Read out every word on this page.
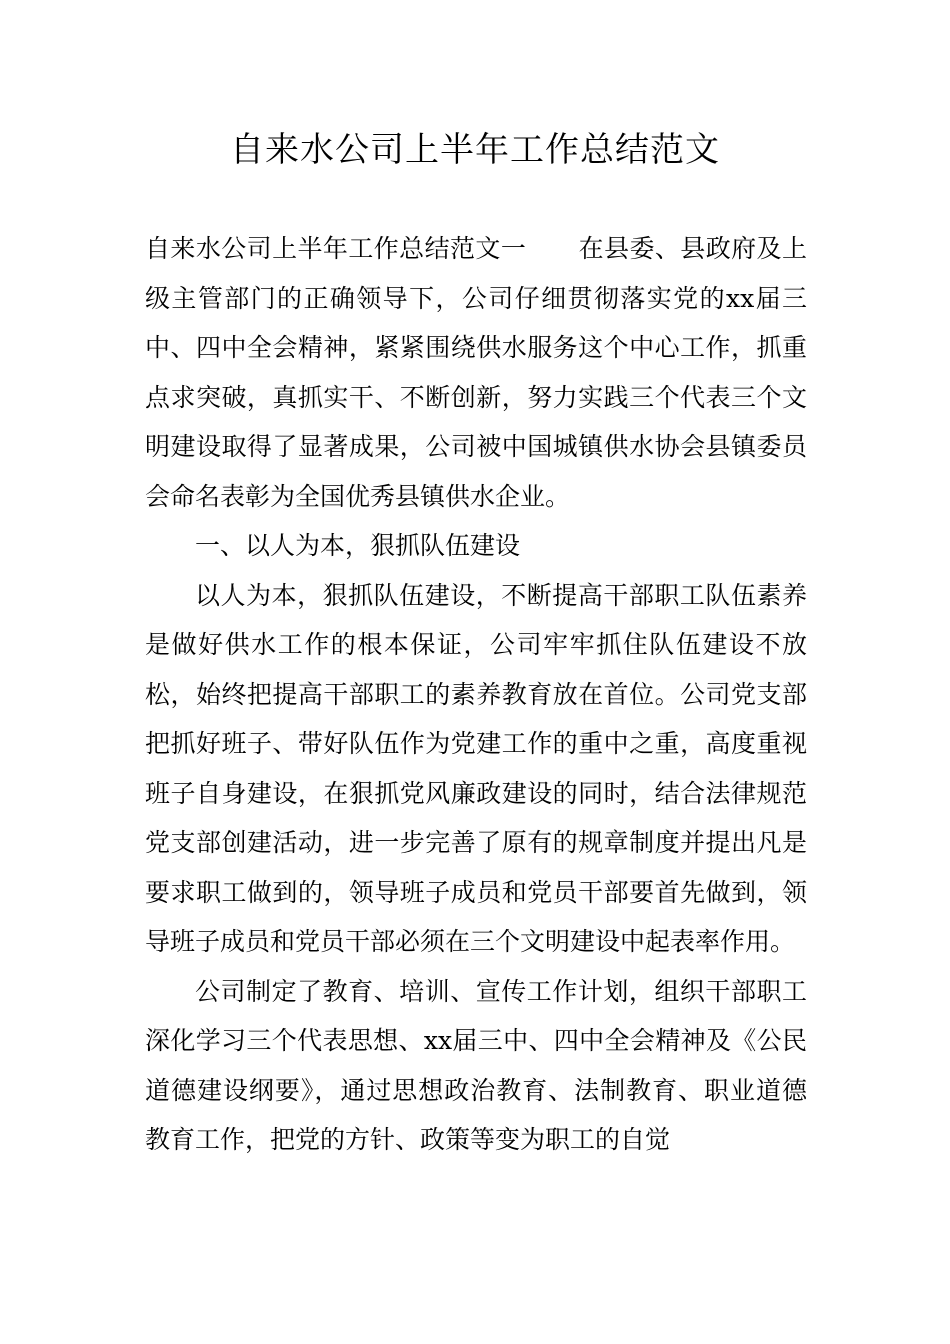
自来水公司上半年工作总结范文

自来水公司上半年工作总结范文一 在县委、县政府及上级主管部门的正确领导下，公司仔细贯彻落实党的xx届三中、四中全会精神，紧紧围绕供水服务这个中心工作，抓重点求突破，真抓实干、不断创新，努力实践三个代表三个文明建设取得了显著成果，公司被中国城镇供水协会县镇委员会命名表彰为全国优秀县镇供水企业。

一、以人为本，狠抓队伍建设

以人为本，狠抓队伍建设，不断提高干部职工队伍素养是做好供水工作的根本保证，公司牢牢抓住队伍建设不放松，始终把提高干部职工的素养教育放在首位。公司党支部把抓好班子、带好队伍作为党建工作的重中之重，高度重视班子自身建设，在狠抓党风廉政建设的同时，结合法律规范党支部创建活动，进一步完善了原有的规章制度并提出凡是要求职工做到的，领导班子成员和党员干部要首先做到，领导班子成员和党员干部必须在三个文明建设中起表率作用。

公司制定了教育、培训、宣传工作计划，组织干部职工深化学习三个代表思想、xx届三中、四中全会精神及《公民道德建设纲要》，通过思想政治教育、法制教育、职业道德教育工作，把党的方针、政策等变为职工的自觉
